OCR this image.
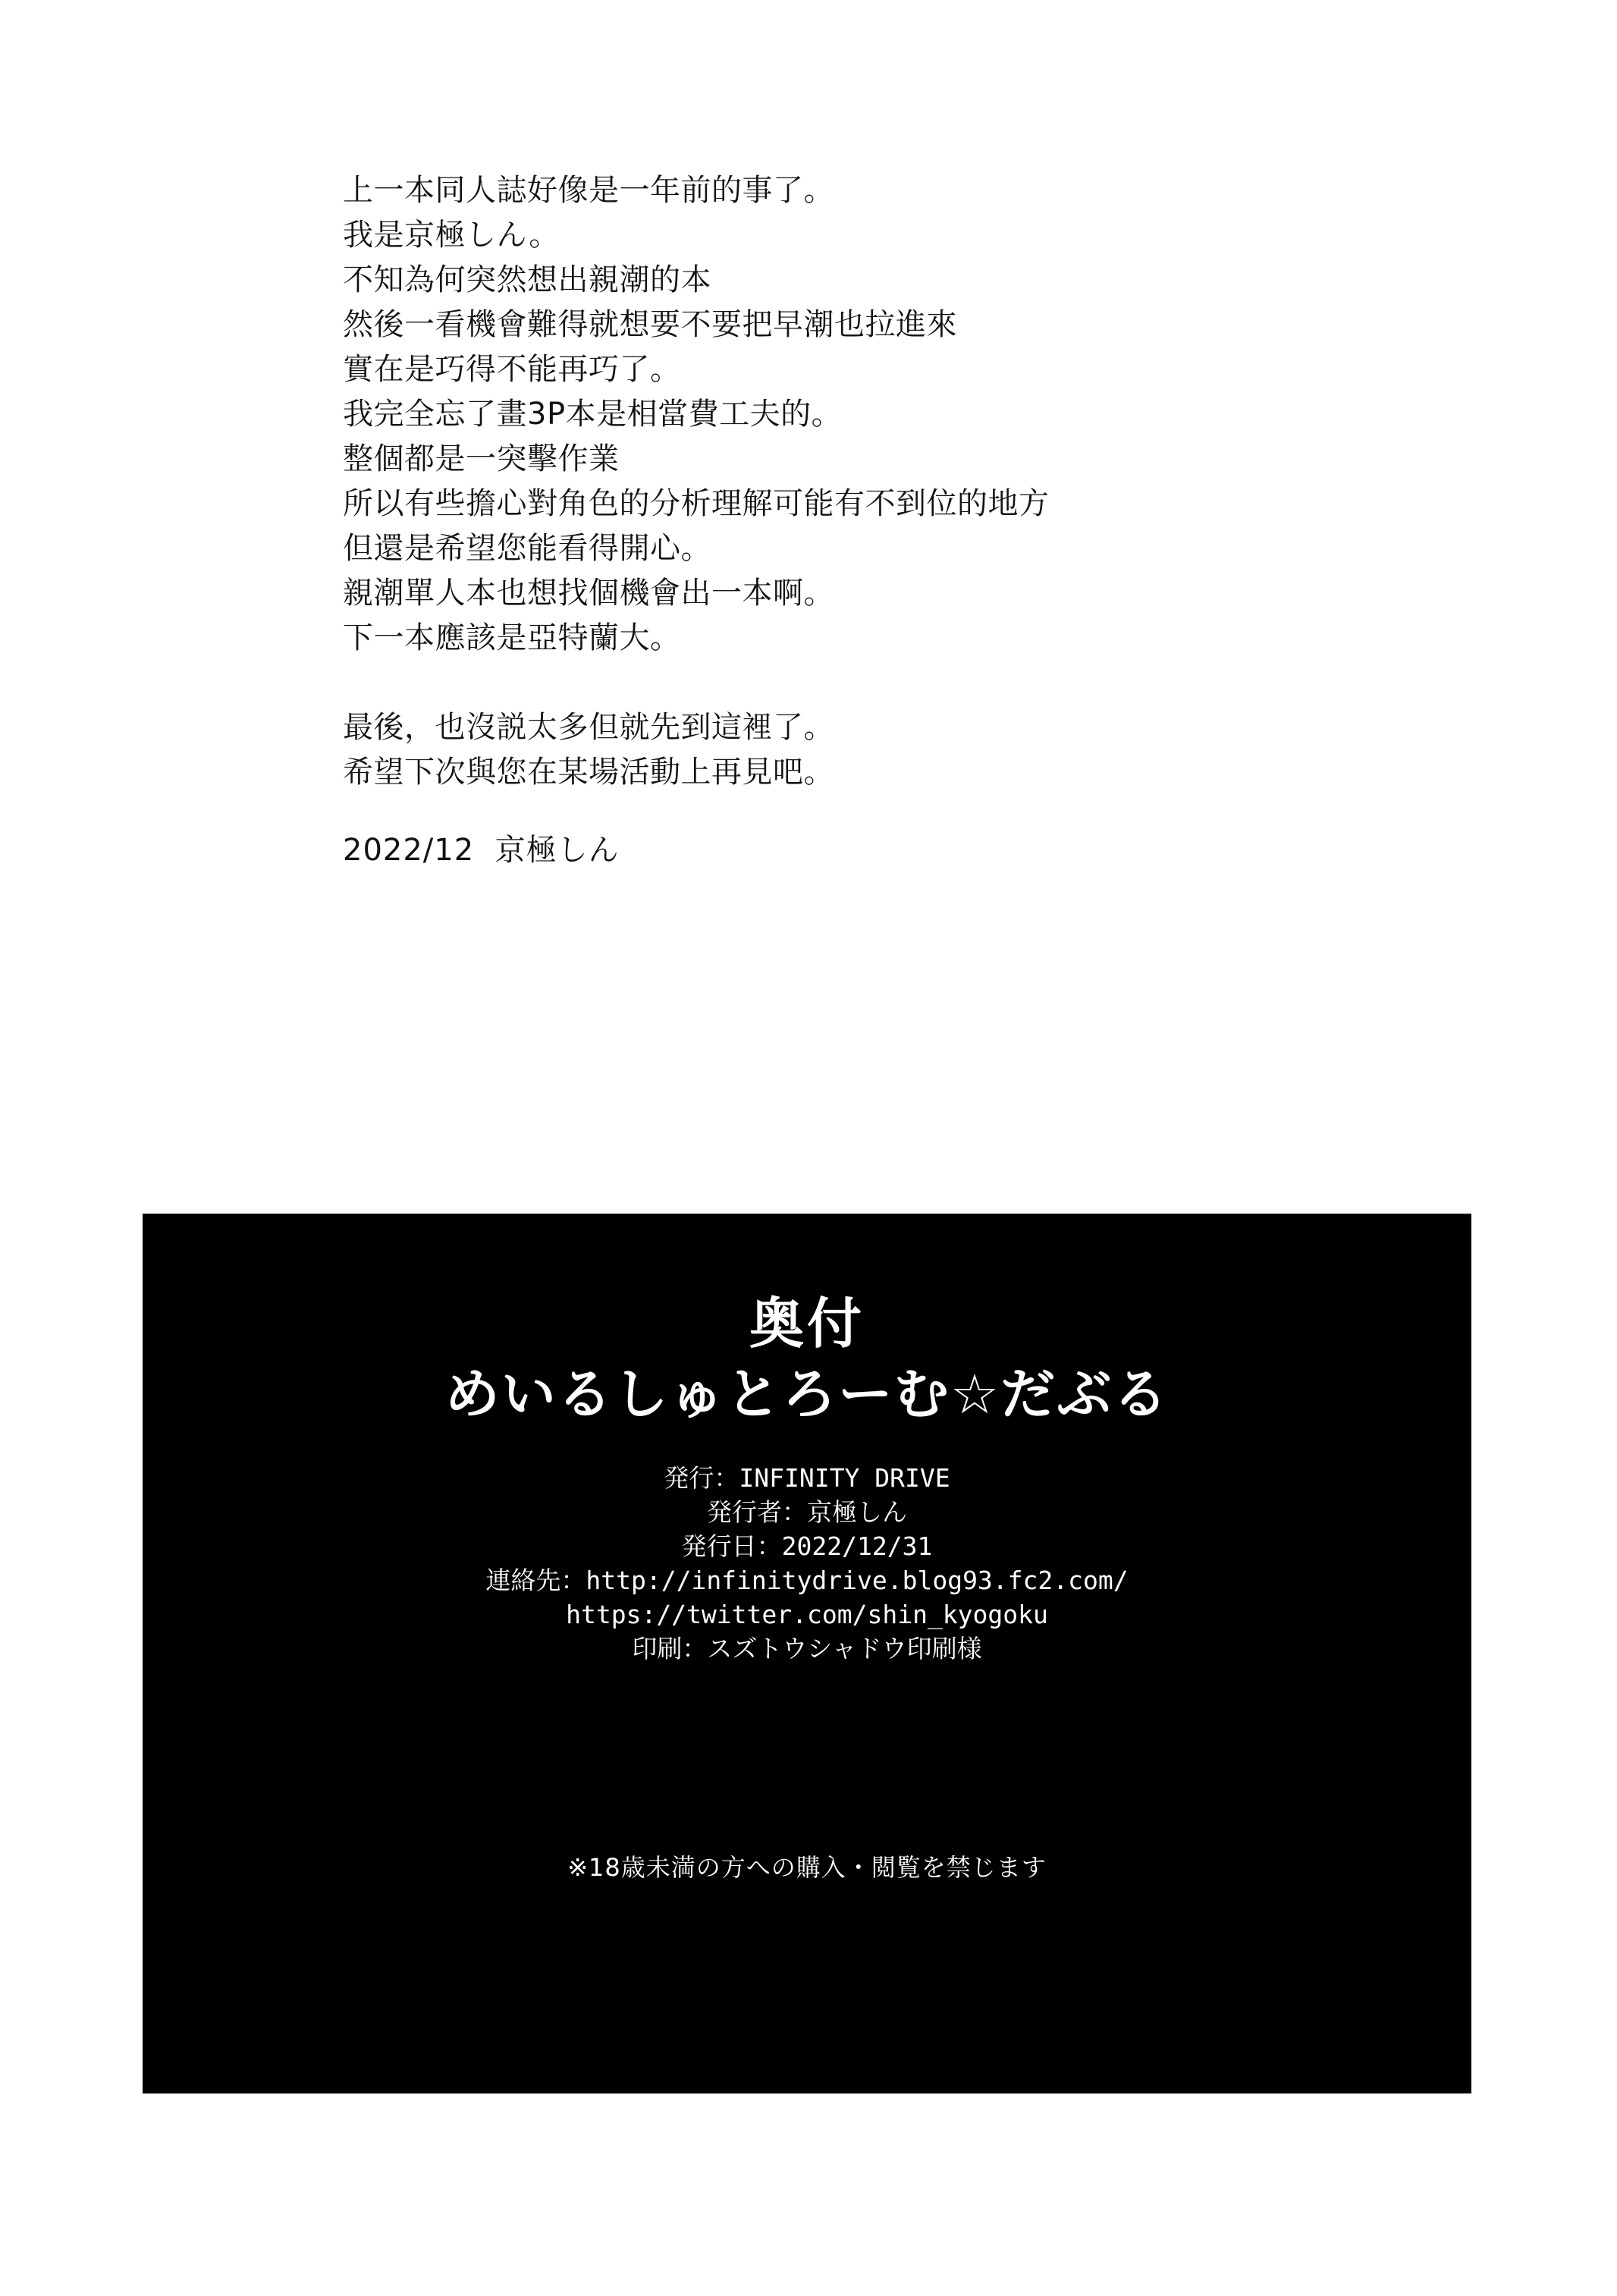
上一本同人誌好像是一年前的事了。
我是京極しん。
不知為何突然想出親潮的本
然後一看機會難得就想要不要把早潮也拉進來
實在是巧得不能再巧了。
我完全忘了畫3P本是相當費工夫的。
整個都是一突擊作業
所以有些擔心對角色的分析理解可能有不到位的地方
但還是希望您能看得開心。
親潮單人本也想找個機會出一本啊。
下一本應該是亞特蘭大。
最後，也沒説太多但就先到這裡了。
希望下次與您在某場活動上再見吧。
2022/12  京極しん
奥付
めいるしゅとろーむ☆だぶる
発行：INFINITY DRIVE
発行者：京極しん
発行日：2022/12/31
連絡先：http://infinitydrive.blog93.fc2.com/
https://twitter.com/shin_kyogoku
印刷：スズトウシャドウ印刷様
※18歳未満の方への購入・閲覧を禁じます
